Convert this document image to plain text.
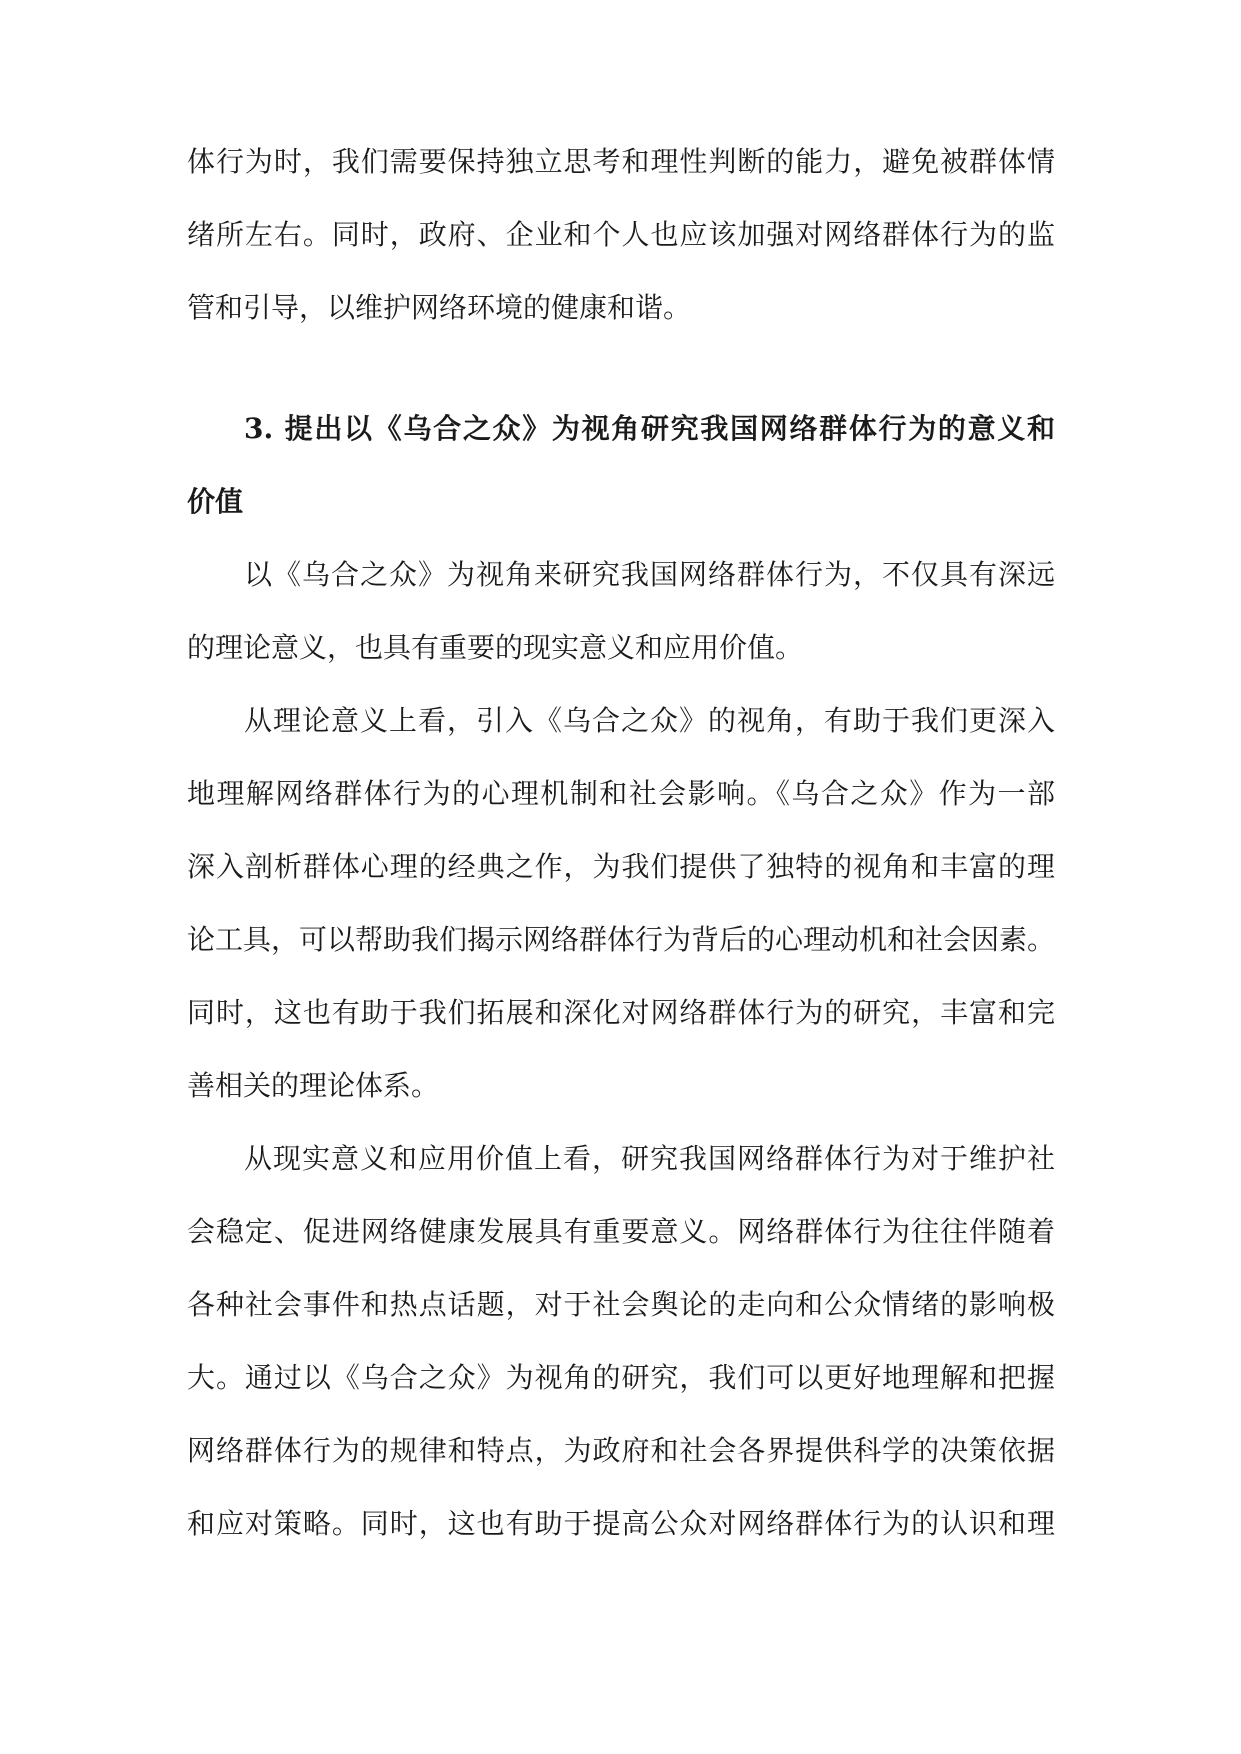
体行为时，我们需要保持独立思考和理性判断的能力，避免被群体情
绪所左右。同时，政府、企业和个人也应该加强对网络群体行为的监
管和引导，以维护网络环境的健康和谐。
3. 提出以《乌合之众》为视角研究我国网络群体行为的意义和
价值
以《乌合之众》为视角来研究我国网络群体行为，不仅具有深远
的理论意义，也具有重要的现实意义和应用价值。
从理论意义上看，引入《乌合之众》的视角，有助于我们更深入
地理解网络群体行为的心理机制和社会影响。《乌合之众》作为一部
深入剖析群体心理的经典之作，为我们提供了独特的视角和丰富的理
论工具，可以帮助我们揭示网络群体行为背后的心理动机和社会因素。
同时，这也有助于我们拓展和深化对网络群体行为的研究，丰富和完
善相关的理论体系。
从现实意义和应用价值上看，研究我国网络群体行为对于维护社
会稳定、促进网络健康发展具有重要意义。网络群体行为往往伴随着
各种社会事件和热点话题，对于社会舆论的走向和公众情绪的影响极
大。通过以《乌合之众》为视角的研究，我们可以更好地理解和把握
网络群体行为的规律和特点，为政府和社会各界提供科学的决策依据
和应对策略。同时，这也有助于提高公众对网络群体行为的认识和理
